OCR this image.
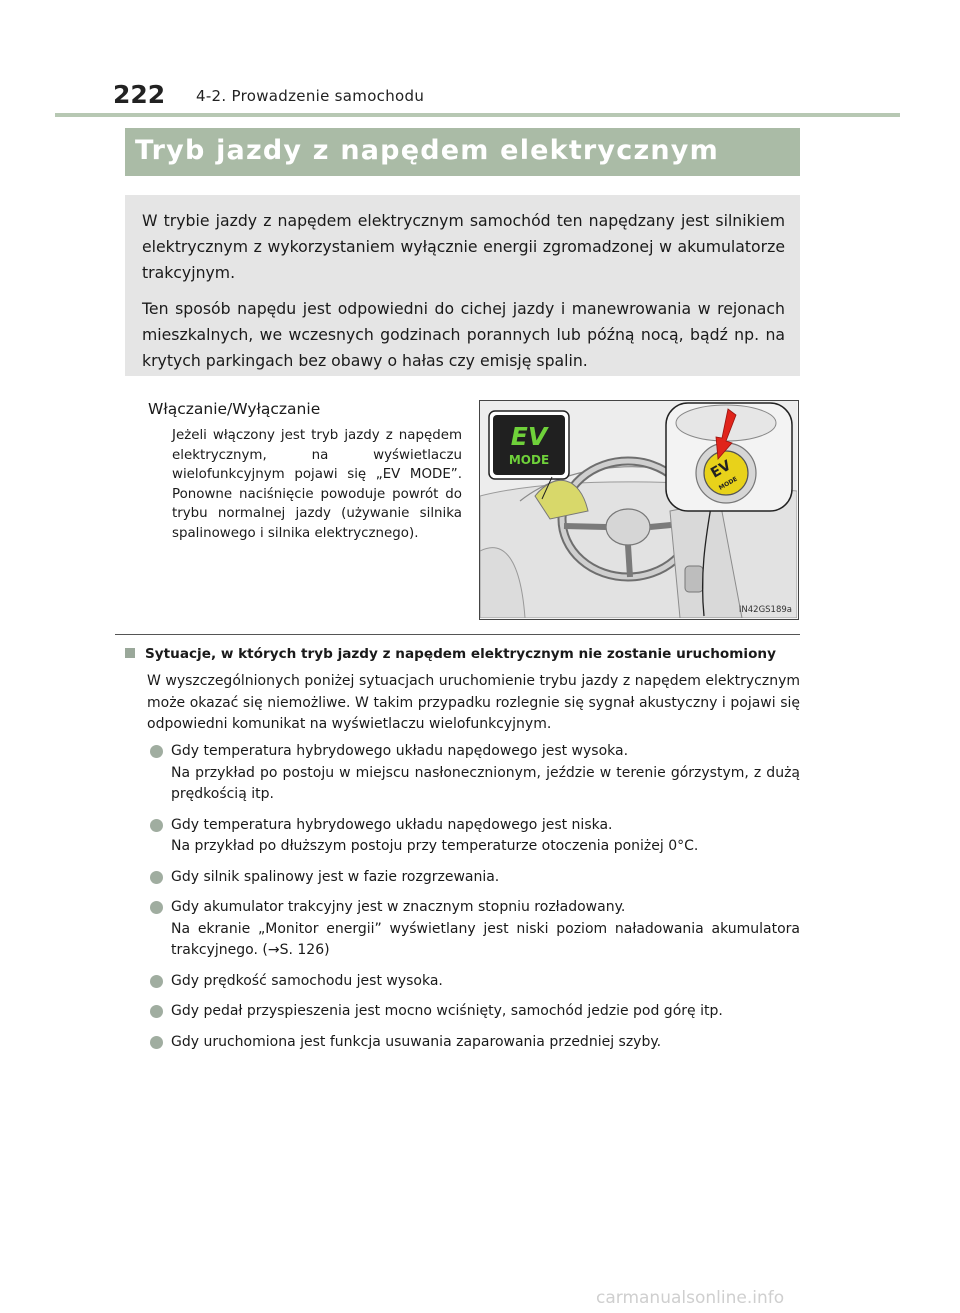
222 4-2. Prowadzenie samochodu
Tryb jazdy z napędem elektrycznym

W trybie jazdy z napędem elektrycznym samochód ten napędzany jest silnikiem elektrycznym z wykorzystaniem wyłącznie energii zgromadzonej w akumulatorze trakcyjnym.

Ten sposób napędu jest odpowiedni do cichej jazdy i manewrowania w rejonach mieszkalnych, we wczesnych godzinach porannych lub późną nocą, bądź np. na krytych parkingach bez obawy o hałas czy emisję spalin.

Włączanie/Wyłączanie

Jeżeli włączony jest tryb jazdy z napędem elektrycznym, na wyświetlaczu wielofunkcyjnym pojawi się „EV MODE”. Ponowne naciśnięcie powoduje powrót do trybu normalnej jazdy (używanie silnika spalinowego i silnika elektrycznego).

EV
MODE	EV
MODE
IN42GS189a
Sytuacje, w których tryb jazdy z napędem elektrycznym nie zostanie uruchomiony

W wyszczególnionych poniżej sytuacjach uruchomienie trybu jazdy z napędem elektrycznym może okazać się niemożliwe. W takim przypadku rozlegnie się sygnał akustyczny i pojawi się odpowiedni komunikat na wyświetlaczu wielofunkcyjnym.

Gdy temperatura hybrydowego układu napędowego jest wysoka.
Na przykład po postoju w miejscu nasłonecznionym, jeździe w terenie górzystym, z dużą prędkością itp.
Gdy temperatura hybrydowego układu napędowego jest niska.
Na przykład po dłuższym postoju przy temperaturze otoczenia poniżej 0°C.
Gdy silnik spalinowy jest w fazie rozgrzewania.
Gdy akumulator trakcyjny jest w znacznym stopniu rozładowany.
Na ekranie „Monitor energii” wyświetlany jest niski poziom naładowania akumulatora trakcyjnego. (→S. 126)
Gdy prędkość samochodu jest wysoka.
Gdy pedał przyspieszenia jest mocno wciśnięty, samochód jedzie pod górę itp.
Gdy uruchomiona jest funkcja usuwania zaparowania przedniej szyby.
carmanualsonline.info
